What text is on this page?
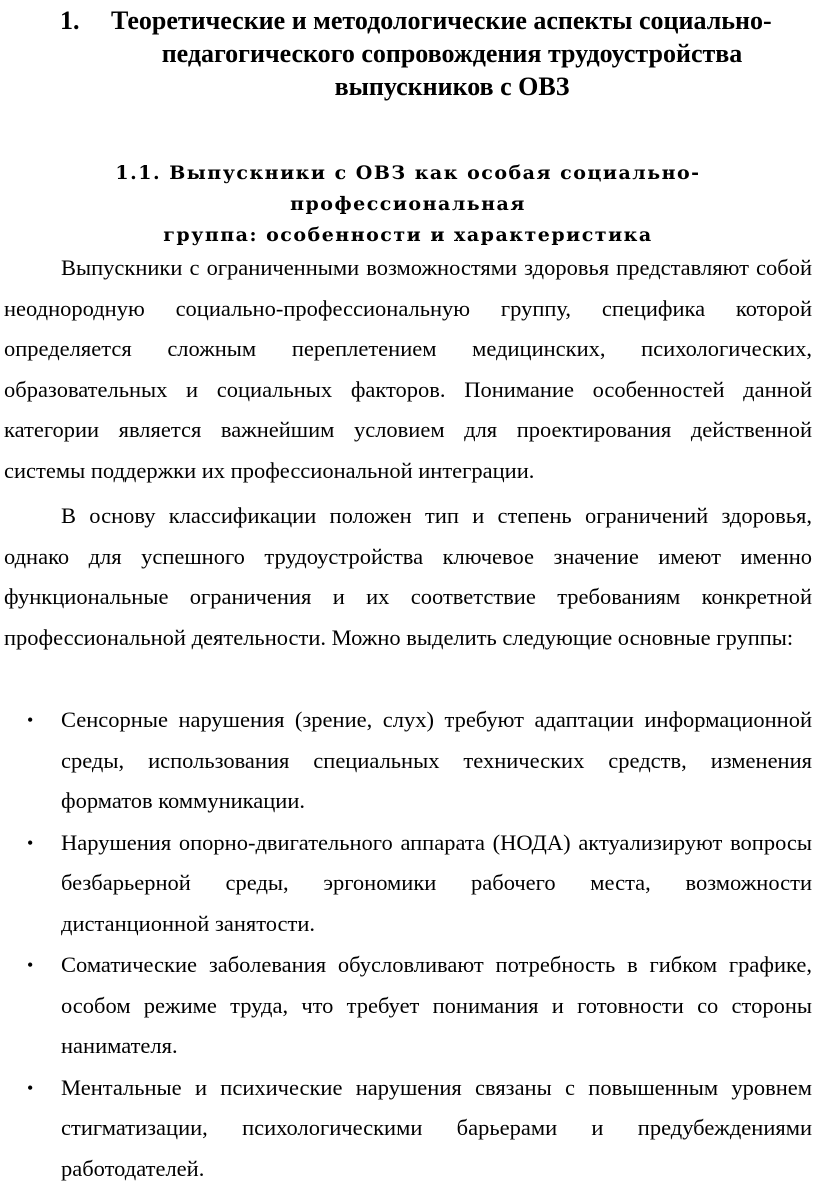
1.	Теоретические и методологические аспекты социально-
педагогического сопровождения трудоустройства
выпускников с ОВЗ
1.1. Выпускники с ОВЗ как особая социально-профессиональная
группа: особенности и характеристика

Выпускники с ограниченными возможностями здоровья представляют собой неоднородную социально-профессиональную группу, специфика которой определяется сложным переплетением медицинских, психологических, образовательных и социальных факторов. Понимание особенностей данной категории является важнейшим условием для проектирования действенной системы поддержки их профессиональной интеграции.

В основу классификации положен тип и степень ограничений здоровья, однако для успешного трудоустройства ключевое значение имеют именно функциональные ограничения и их соответствие требованиям конкретной профессиональной деятельности. Можно выделить следующие основные группы:

• Сенсорные нарушения (зрение, слух) требуют адаптации информационной среды, использования специальных технических средств, изменения форматов коммуникации.
• Нарушения опорно-двигательного аппарата (НОДА) актуализируют вопросы безбарьерной среды, эргономики рабочего места, возможности дистанционной занятости.
• Соматические заболевания обусловливают потребность в гибком графике, особом режиме труда, что требует понимания и готовности со стороны нанимателя.
• Ментальные и психические нарушения связаны с повышенным уровнем стигматизации, психологическими барьерами и предубеждениями работодателей.
